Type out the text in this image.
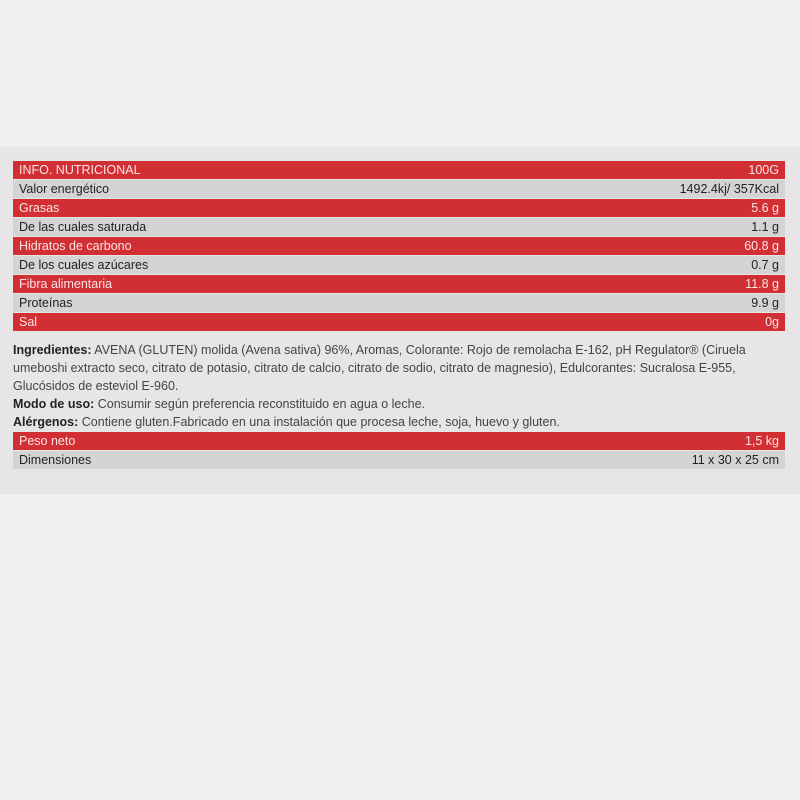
INFO. NUTRICIONAL	100G
Valor energético	1492.4kj/ 357Kcal
Grasas	5.6 g
De las cuales saturada	1.1 g
Hidratos de carbono	60.8 g
De los cuales azúcares	0.7 g
Fibra alimentaria	11.8 g
Proteínas	9.9 g
Sal	0g

Ingredientes: AVENA (GLUTEN) molida (Avena sativa) 96%, Aromas, Colorante: Rojo de remolacha E-162, pH Regulator® (Ciruela umeboshi extracto seco, citrato de potasio, citrato de calcio, citrato de sodio, citrato de magnesio), Edulcorantes: Sucralosa E-955, Glucósidos de esteviol E-960.

Modo de uso: Consumir según preferencia reconstituido en agua o leche.

Alérgenos: Contiene gluten.Fabricado en una instalación que procesa leche, soja, huevo y gluten.

Peso neto	1,5 kg
Dimensiones	11 x 30 x 25 cm
